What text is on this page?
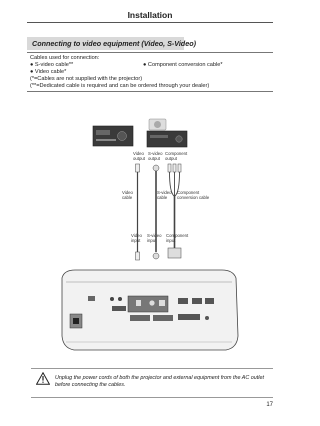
Installation
Connecting to video equipment (Video, S-Video)
Cables used for connection:
● S-video cable**	● Component conversion cable*
● Video cable*
(*=Cables are not supplied with the projector)
(**=Dedicated cable is required and can be ordered through your dealer)
Video output
S-video output
Component output
Video cable
S-video cable
Component conversion cable
Video input
S-video input
Component input
Unplug the power cords of both the projector and external equipment from the AC outlet
before connecting the cables.
17
